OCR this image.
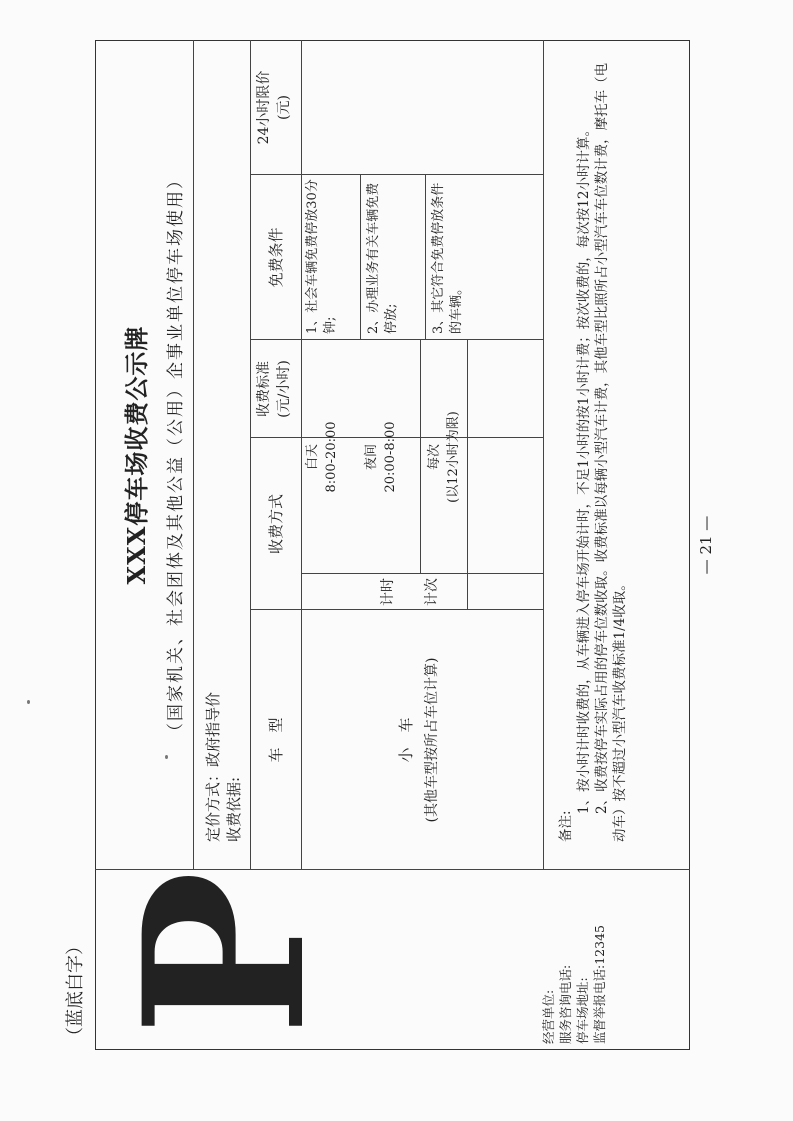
（蓝底白字） P	经营单位: 服务咨询电话: 停车场地址: 监督举报电话:12345
XXX停车场收费公示牌 （国家机关、社会团体及其他公益（公用）企事业单位停车场使用）
定价方式：政府指导价 收费依据:
车　型
收费方式
收费标准 (元/小时)
免费条件
24小时限价 (元)
小　车 (其他车型按所占车位计算)
计时
白天 8:00-20:00 夜间 20:00-8:00
计次
每次 (以12小时为限)
1、社会车辆免费停放30分钟; 2、办理业务有关车辆免费停放; 3、其它符合免费停放条件的车辆。
备注:
1、按小时计时收费的，从车辆进入停车场开始计时，不足1小时的按1小时计费；按次收费的，每次按12小时计算。 2、收费按停车实际占用的停车位数收取。收费标准以每辆小型汽车计费，其他车型比照所占小型汽车车位数计费，摩托车（电动车）按不超过小型汽车收费标准1/4收取。
— 21 —
